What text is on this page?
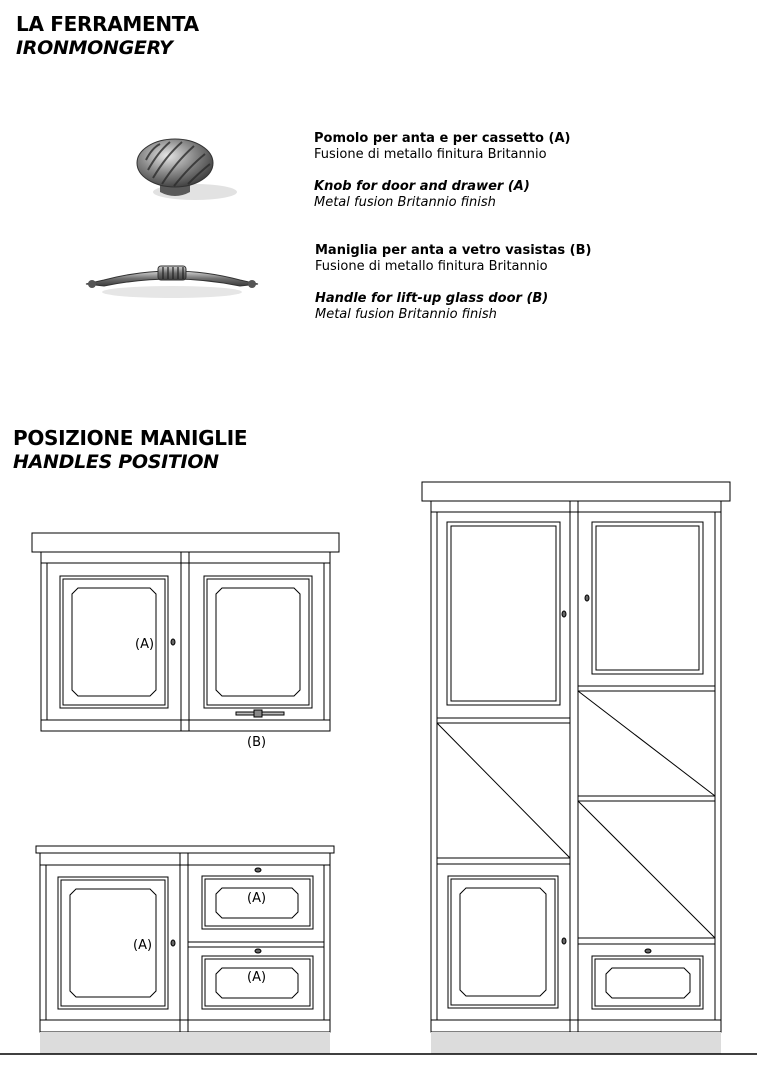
LA FERRAMENTA
IRONMONGERY
Pomolo per anta e per cassetto (A)
Fusione di metallo finitura Britannio
Knob for door and drawer (A)
Metal fusion Britannio finish
Maniglia per anta a vetro vasistas (B)
Fusione di metallo finitura Britannio
Handle for lift-up glass door (B)
Metal fusion Britannio finish
POSIZIONE MANIGLIE
HANDLES POSITION
(A)
(B)
(A)
(A)
(A)
